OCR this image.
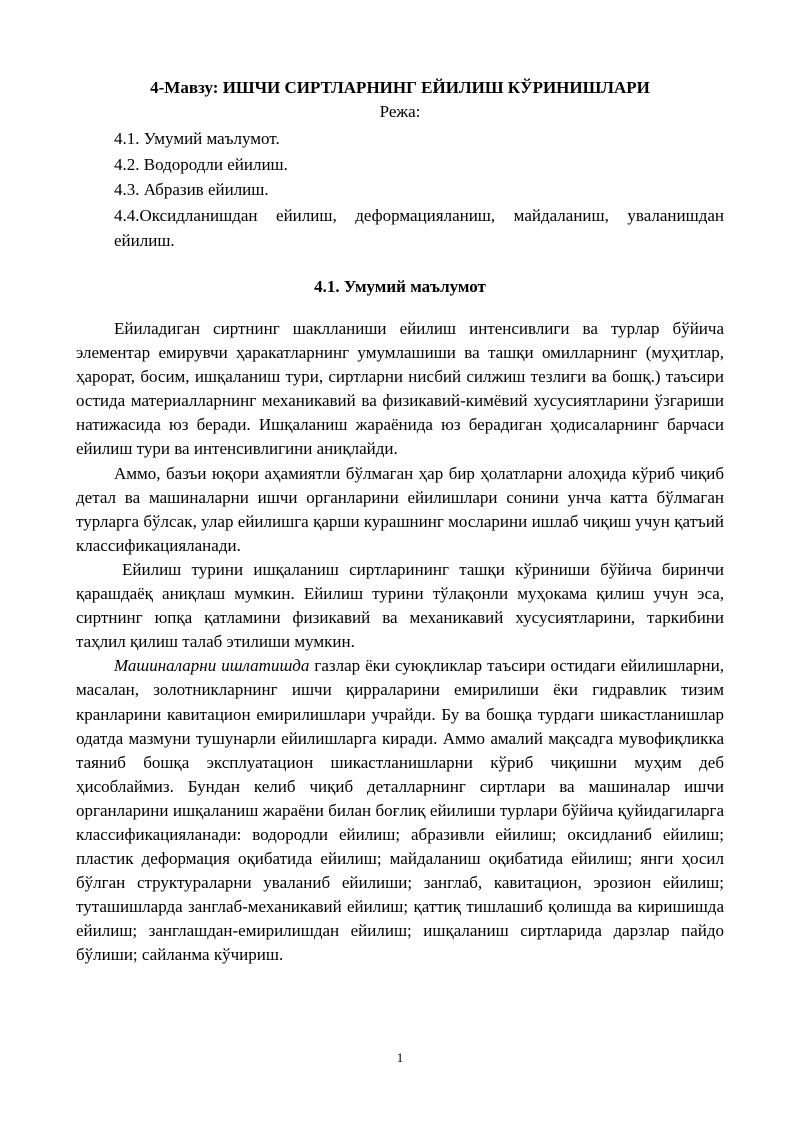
4-Мавзу: ИШЧИ СИРТЛАРНИНГ ЕЙИЛИШ КЎРИНИШЛАРИ
Режа:
4.1. Умумий маълумот.
4.2. Водородли ейилиш.
4.3. Абразив ейилиш.
4.4.Оксидланишдан ейилиш, деформацияланиш, майдаланиш, уваланишдан ейилиш.
4.1. Умумий маълумот

Ейиладиган сиртнинг шаклланиши ейилиш интенсивлиги ва турлар бўйича элементар емирувчи ҳаракатларнинг умумлашиши ва ташқи омилларнинг (муҳитлар, ҳарорат, босим, ишқаланиш тури, сиртларни нисбий силжиш тезлиги ва бошқ.) таъсири остида материалларнинг механикавий ва физикавий-кимёвий хусусиятларини ўзгариши натижасида юз беради. Ишқаланиш жараёнида юз берадиган ҳодисаларнинг барчаси ейилиш тури ва интенсивлигини аниқлайди.

Аммо, базъи юқори аҳамиятли бўлмаган ҳар бир ҳолатларни алоҳида кўриб чиқиб детал ва машиналарни ишчи органларини ейилишлари сонини унча катта бўлмаган турларга бўлсак, улар ейилишга қарши курашнинг мосларини ишлаб чиқиш учун қатъий классификацияланади.

Ейилиш турини ишқаланиш сиртларининг ташқи кўриниши бўйича биринчи қарашдаёқ аниқлаш мумкин. Ейилиш турини тўлақонли муҳокама қилиш учун эса, сиртнинг юпқа қатламини физикавий ва механикавий хусусиятларини, таркибини таҳлил қилиш талаб этилиши мумкин.

Машиналарни ишлатишда газлар ёки суюқликлар таъсири остидаги ейилишларни, масалан, золотникларнинг ишчи қирраларини емирилиши ёки гидравлик тизим кранларини кавитацион емирилишлари учрайди. Бу ва бошқа турдаги шикастланишлар одатда мазмуни тушунарли ейилишларга киради. Аммо амалий мақсадга мувофиқликка таяниб бошқа эксплуатацион шикастланишларни кўриб чиқишни муҳим деб ҳисоблаймиз. Бундан келиб чиқиб деталларнинг сиртлари ва машиналар ишчи органларини ишқаланиш жараёни билан боғлиқ ейилиши турлари бўйича қуйидагиларга классификацияланади: водородли ейилиш; абразивли ейилиш; оксидланиб ейилиш; пластик деформация оқибатида ейилиш; майдаланиш оқибатида ейилиш; янги ҳосил бўлган структураларни уваланиб ейилиши; занглаб, кавитацион, эрозион ейилиш; туташишларда занглаб-механикавий ейилиш; қаттиқ тишлашиб қолишда ва киришишда ейилиш; занглашдан-емирилишдан ейилиш; ишқаланиш сиртларида дарзлар пайдо бўлиши; сайланма кўчириш.

1
